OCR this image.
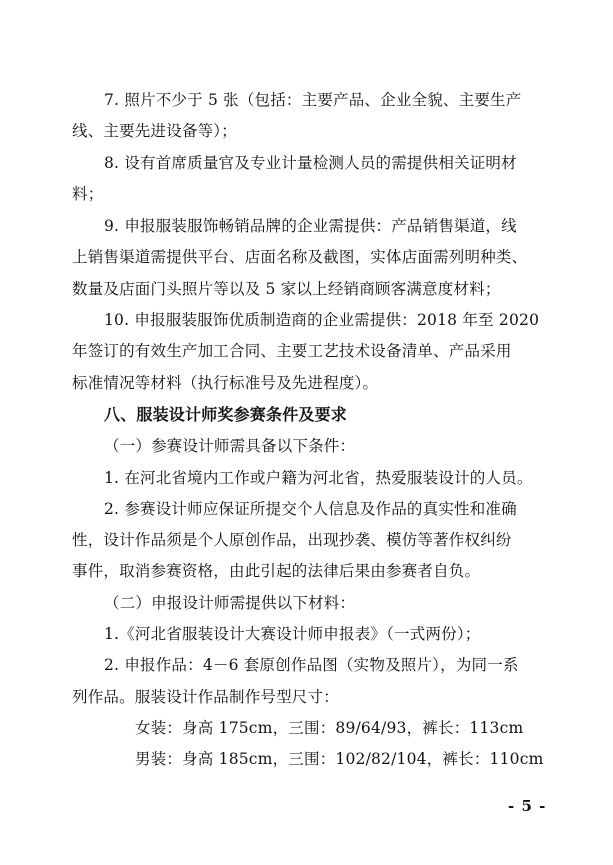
7. 照片不少于 5 张（包括：主要产品、企业全貌、主要生产
线、主要先进设备等）；
8. 设有首席质量官及专业计量检测人员的需提供相关证明材
料；
9. 申报服装服饰畅销品牌的企业需提供：产品销售渠道，线
上销售渠道需提供平台、店面名称及截图，实体店面需列明种类、
数量及店面门头照片等以及 5 家以上经销商顾客满意度材料；
10. 申报服装服饰优质制造商的企业需提供：2018 年至 2020
年签订的有效生产加工合同、主要工艺技术设备清单、产品采用
标准情况等材料（执行标准号及先进程度）。
八、服装设计师奖参赛条件及要求
（一）参赛设计师需具备以下条件：
1. 在河北省境内工作或户籍为河北省，热爱服装设计的人员。
2. 参赛设计师应保证所提交个人信息及作品的真实性和准确
性，设计作品须是个人原创作品，出现抄袭、模仿等著作权纠纷
事件，取消参赛资格，由此引起的法律后果由参赛者自负。
（二）申报设计师需提供以下材料：
1.《河北省服装设计大赛设计师申报表》（一式两份）；
2. 申报作品：4－6 套原创作品图（实物及照片），为同一系
列作品。服装设计作品制作号型尺寸：
女装：身高 175cm，三围：89/64/93，裤长：113cm
男装：身高 185cm，三围：102/82/104，裤长：110cm
- 5 -
